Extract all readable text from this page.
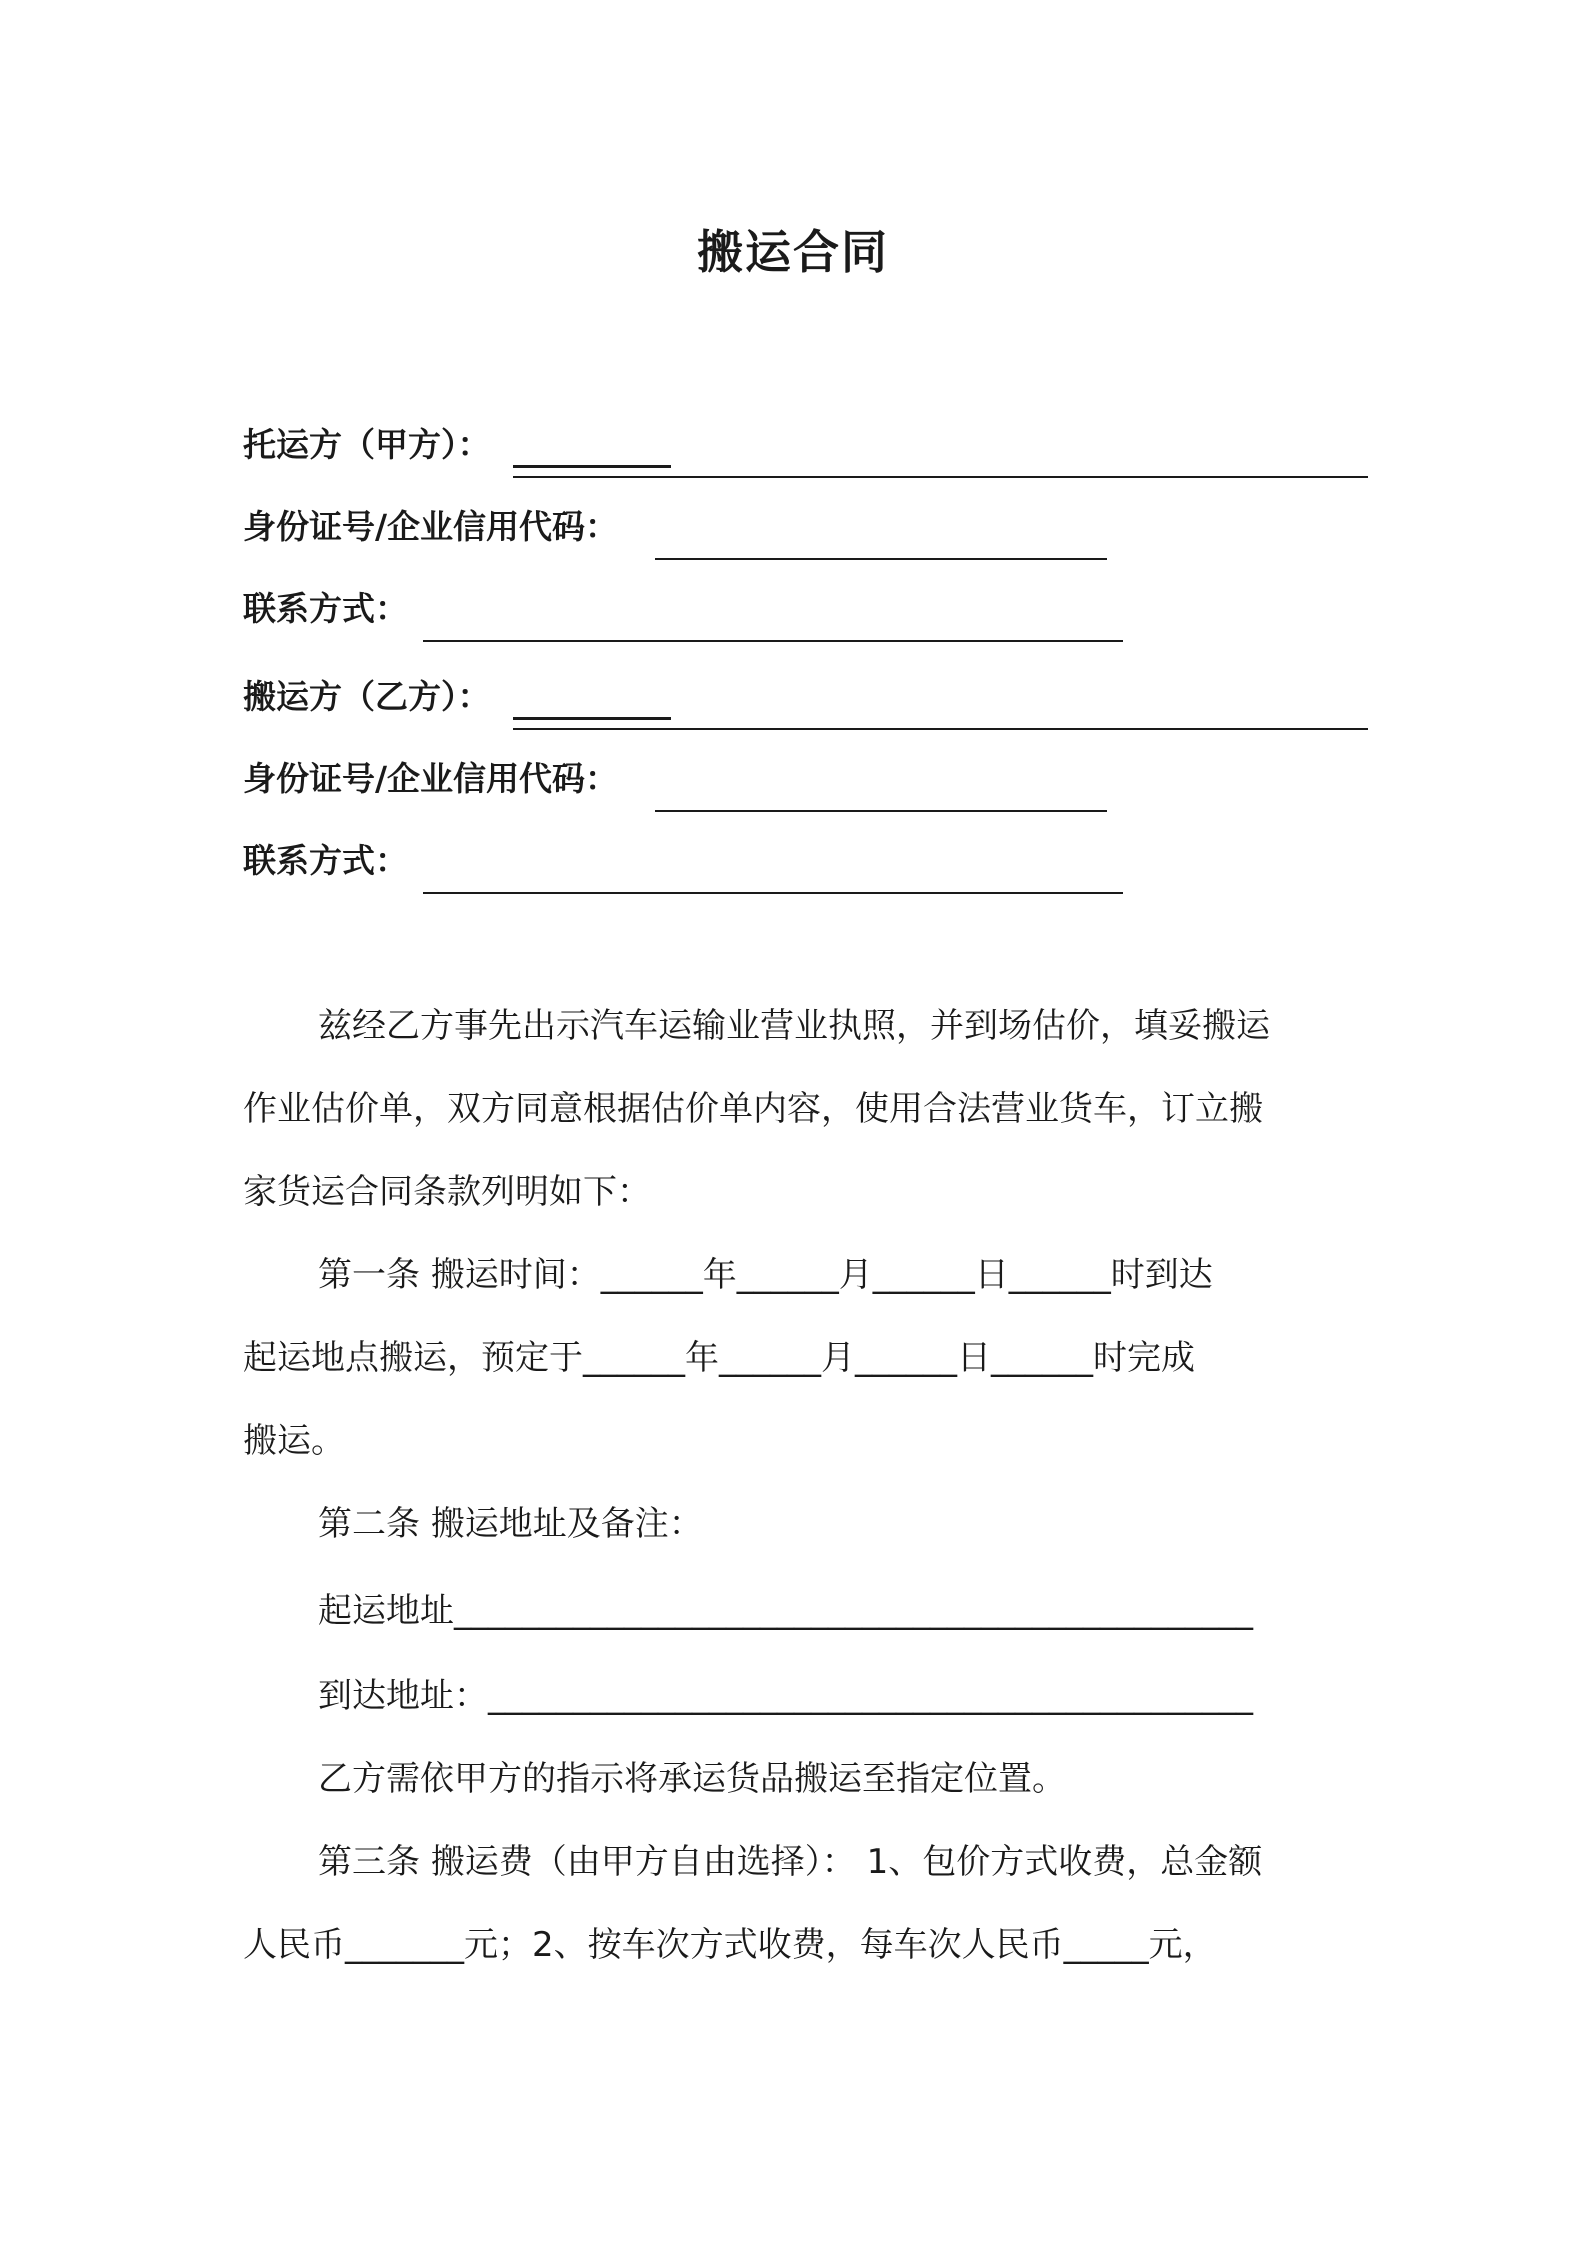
搬运合同
托运方（甲方）：
身份证号/企业信用代码：
联系方式：
搬运方（乙方）：
身份证号/企业信用代码：
联系方式：
兹经乙方事先出示汽车运输业营业执照，并到场估价，填妥搬运
作业估价单，双方同意根据估价单内容，使用合法营业货车，订立搬
家货运合同条款列明如下：
第一条 搬运时间：______年______月______日______时到达
起运地点搬运，预定于______年______月______日______时完成
搬运。
第二条 搬运地址及备注：
起运地址_______________________________________________
到达地址：_____________________________________________
乙方需依甲方的指示将承运货品搬运至指定位置。
第三条 搬运费（由甲方自由选择）： 1、包价方式收费，总金额
人民币_______元；2、按车次方式收费，每车次人民币_____元，
